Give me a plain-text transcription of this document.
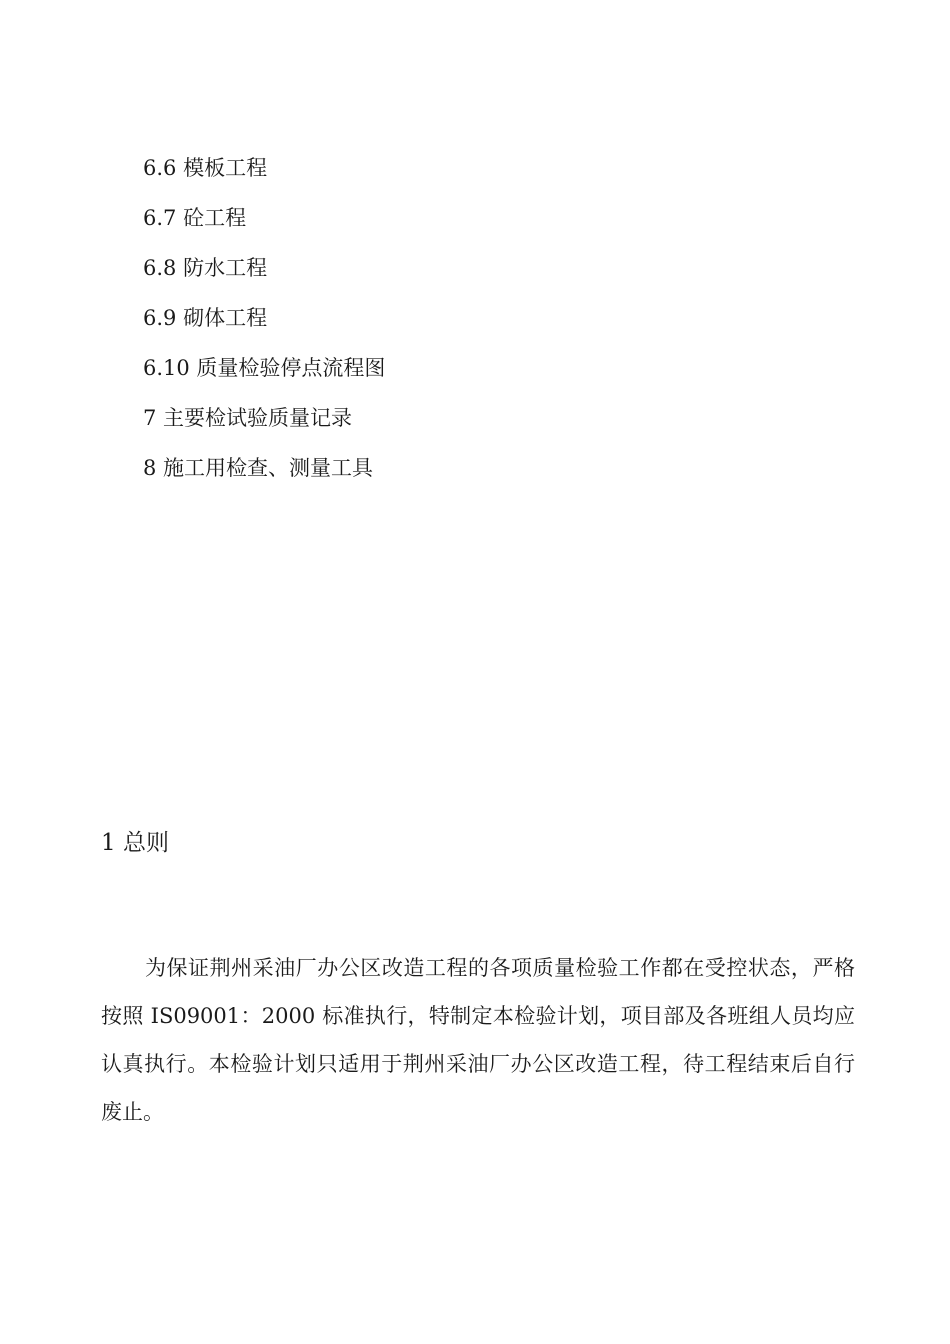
6.6 模板工程
6.7 砼工程
6.8 防水工程
6.9 砌体工程
6.10 质量检验停点流程图
7 主要检试验质量记录
8 施工用检查、测量工具
1 总则

为保证荆州采油厂办公区改造工程的各项质量检验工作都在受控状态，严格按照 IS09001：2000 标准执行，特制定本检验计划，项目部及各班组人员均应认真执行。本检验计划只适用于荆州采油厂办公区改造工程，待工程结束后自行废止。
